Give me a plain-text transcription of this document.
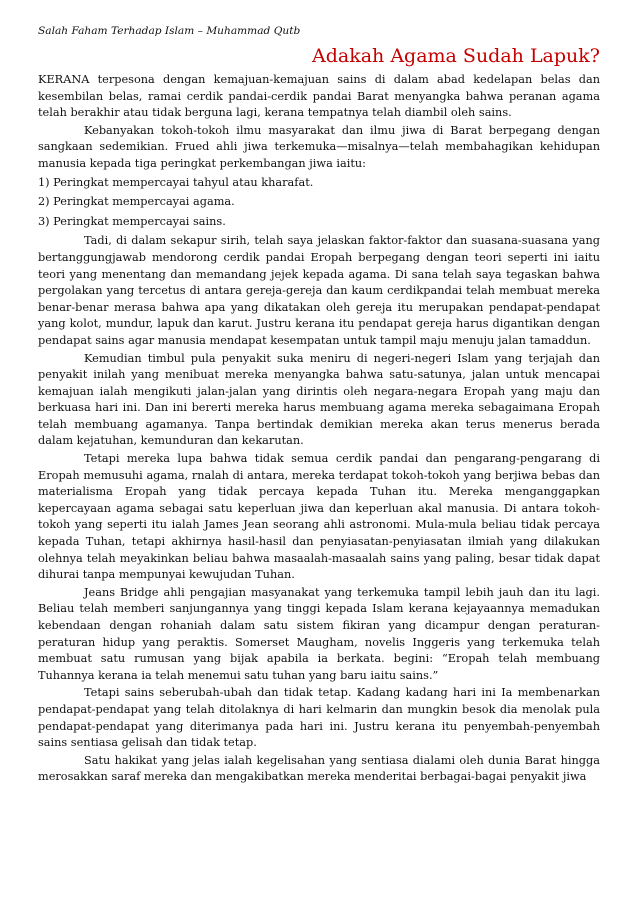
Salah Faham Terhadap Islam – Muhammad Qutb

Adakah Agama Sudah Lapuk?

KERANA terpesona dengan kemajuan-kemajuan sains di dalam abad kedelapan belas dan kesembilan belas, ramai cerdik pandai-cerdik pandai Barat menyangka bahwa peranan agama telah berakhir atau tidak berguna lagi, kerana tempatnya telah diambil oleh sains.

Kebanyakan tokoh-tokoh ilmu masyarakat dan ilmu jiwa di Barat berpegang dengan sangkaan sedemikian. Frued ahli jiwa terkemuka—misalnya—telah membahagikan kehidupan manusia kepada tiga peringkat perkembangan jiwa iaitu:

1) Peringkat mempercayai tahyul atau kharafat.

2) Peringkat mempercayai agama.

3) Peringkat mempercayai sains.

Tadi, di dalam sekapur sirih, telah saya jelaskan faktor-faktor dan suasana-suasana yang bertanggungjawab mendorong cerdik pandai Eropah berpegang dengan teori seperti ini iaitu teori yang menentang dan memandang jejek kepada agama. Di sana telah saya tegaskan bahwa pergolakan yang tercetus di antara gereja-gereja dan kaum cerdikpandai telah membuat mereka benar-benar merasa bahwa apa yang dikatakan oleh gereja itu merupakan pendapat-pendapat yang kolot, mundur, lapuk dan karut. Justru kerana itu pendapat gereja harus digantikan dengan pendapat sains agar manusia mendapat kesempatan untuk tampil maju menuju jalan tamaddun.

Kemudian timbul pula penyakit suka meniru di negeri-negeri Islam yang terjajah dan penyakit inilah yang menibuat mereka menyangka bahwa satu-satunya, jalan untuk mencapai kemajuan ialah mengikuti jalan-jalan yang dirintis oleh negara-negara Eropah yang maju dan berkuasa hari ini. Dan ini bererti mereka harus membuang agama mereka sebagaimana Eropah telah membuang agamanya. Tanpa bertindak demikian mereka akan terus menerus berada dalam kejatuhan, kemunduran dan kekarutan.

Tetapi mereka lupa bahwa tidak semua cerdik pandai dan pengarang-pengarang di Eropah memusuhi agama, rnalah di antara, mereka terdapat tokoh-tokoh yang berjiwa bebas dan materialisma Eropah yang tidak percaya kepada Tuhan itu. Mereka menganggapkan kepercayaan agama sebagai satu keperluan jiwa dan keperluan akal manusia. Di antara tokoh-tokoh yang seperti itu ialah James Jean seorang ahli astronomi. Mula-mula beliau tidak percaya kepada Tuhan, tetapi akhirnya hasil-hasil dan penyiasatan-penyiasatan ilmiah yang dilakukan olehnya telah meyakinkan beliau bahwa masaalah-masaalah sains yang paling, besar tidak dapat dihurai tanpa mempunyai kewujudan Tuhan.

Jeans Bridge ahli pengajian masyanakat yang terkemuka tampil lebih jauh dan itu lagi. Beliau telah memberi sanjungannya yang tinggi kepada Islam kerana kejayaannya memadukan kebendaan dengan rohaniah dalam satu sistem fikiran yang dicampur dengan peraturan-peraturan hidup yang peraktis. Somerset Maugham, novelis Inggeris yang terkemuka telah membuat satu rumusan yang bijak apabila ia berkata. begini: “Eropah telah membuang Tuhannya kerana ia telah menemui satu tuhan yang baru iaitu sains.”

Tetapi sains seberubah-ubah dan tidak tetap. Kadang kadang hari ini Ia membenarkan pendapat-pendapat yang telah ditolaknya di hari kelmarin dan mungkin besok dia menolak pula pendapat-pendapat yang diterimanya pada hari ini. Justru kerana itu penyembah-penyembah sains sentiasa gelisah dan tidak tetap.

Satu hakikat yang jelas ialah kegelisahan yang sentiasa dialami oleh dunia Barat hingga merosakkan saraf mereka dan mengakibatkan mereka menderitai berbagai-bagai penyakit jiwa
